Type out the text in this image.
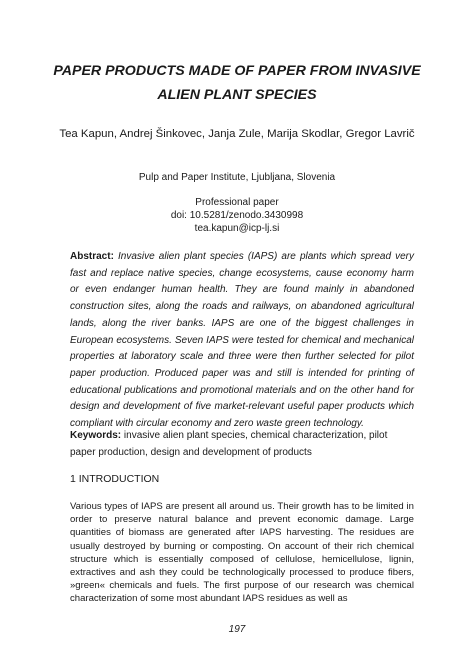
PAPER PRODUCTS MADE OF PAPER FROM INVASIVE ALIEN PLANT SPECIES
Tea Kapun, Andrej Šinkovec, Janja Zule, Marija Skodlar, Gregor Lavrič
Pulp and Paper Institute, Ljubljana, Slovenia
Professional paper
doi: 10.5281/zenodo.3430998
tea.kapun@icp-lj.si

Abstract: Invasive alien plant species (IAPS) are plants which spread very fast and replace native species, change ecosystems, cause economy harm or even endanger human health. They are found mainly in abandoned construction sites, along the roads and railways, on abandoned agricultural lands, along the river banks. IAPS are one of the biggest challenges in European ecosystems. Seven IAPS were tested for chemical and mechanical properties at laboratory scale and three were then further selected for pilot paper production. Produced paper was and still is intended for printing of educational publications and promotional materials and on the other hand for design and development of five market-relevant useful paper products which compliant with circular economy and zero waste green technology.

Keywords: invasive alien plant species, chemical characterization, pilot paper production, design and development of products

1 INTRODUCTION

Various types of IAPS are present all around us. Their growth has to be limited in order to preserve natural balance and prevent economic damage. Large quantities of biomass are generated after IAPS harvesting. The residues are usually destroyed by burning or composting. On account of their rich chemical structure which is essentially composed of cellulose, hemicellulose, lignin, extractives and ash they could be technologically processed to produce fibers, »green« chemicals and fuels. The first purpose of our research was chemical characterization of some most abundant IAPS residues as well as

197
